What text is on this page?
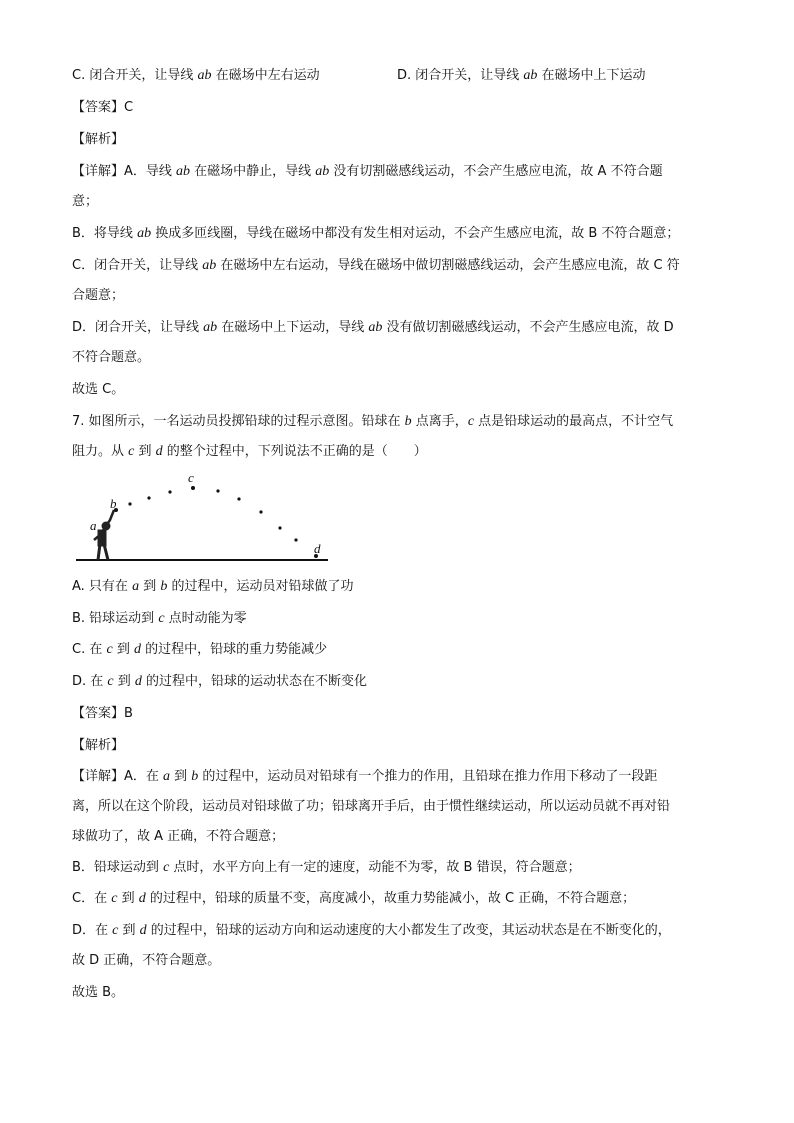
C. 闭合开关，让导线 ab 在磁场中左右运动	D. 闭合开关，让导线 ab 在磁场中上下运动
【答案】C
【解析】
【详解】A．导线 ab 在磁场中静止，导线 ab 没有切割磁感线运动，不会产生感应电流，故 A 不符合题
意；
B．将导线 ab 换成多匝线圈，导线在磁场中都没有发生相对运动，不会产生感应电流，故 B 不符合题意；
C．闭合开关，让导线 ab 在磁场中左右运动，导线在磁场中做切割磁感线运动，会产生感应电流，故 C 符
合题意；
D．闭合开关，让导线 ab 在磁场中上下运动，导线 ab 没有做切割磁感线运动，不会产生感应电流，故 D
不符合题意。
故选 C。
7. 如图所示，一名运动员投掷铅球的过程示意图。铅球在 b 点离手，c 点是铅球运动的最高点，不计空气
阻力。从 c 到 d 的整个过程中，下列说法不正确的是（　　）
a
b
c
d
A. 只有在 a 到 b 的过程中，运动员对铅球做了功
B. 铅球运动到 c 点时动能为零
C. 在 c 到 d 的过程中，铅球的重力势能减少
D. 在 c 到 d 的过程中，铅球的运动状态在不断变化
【答案】B
【解析】
【详解】A．在 a 到 b 的过程中，运动员对铅球有一个推力的作用，且铅球在推力作用下移动了一段距
离，所以在这个阶段，运动员对铅球做了功；铅球离开手后，由于惯性继续运动，所以运动员就不再对铅
球做功了，故 A 正确，不符合题意；
B．铅球运动到 c 点时，水平方向上有一定的速度，动能不为零，故 B 错误，符合题意；
C．在 c 到 d 的过程中，铅球的质量不变，高度减小，故重力势能减小，故 C 正确，不符合题意；
D．在 c 到 d 的过程中，铅球的运动方向和运动速度的大小都发生了改变，其运动状态是在不断变化的，
故 D 正确，不符合题意。
故选 B。
